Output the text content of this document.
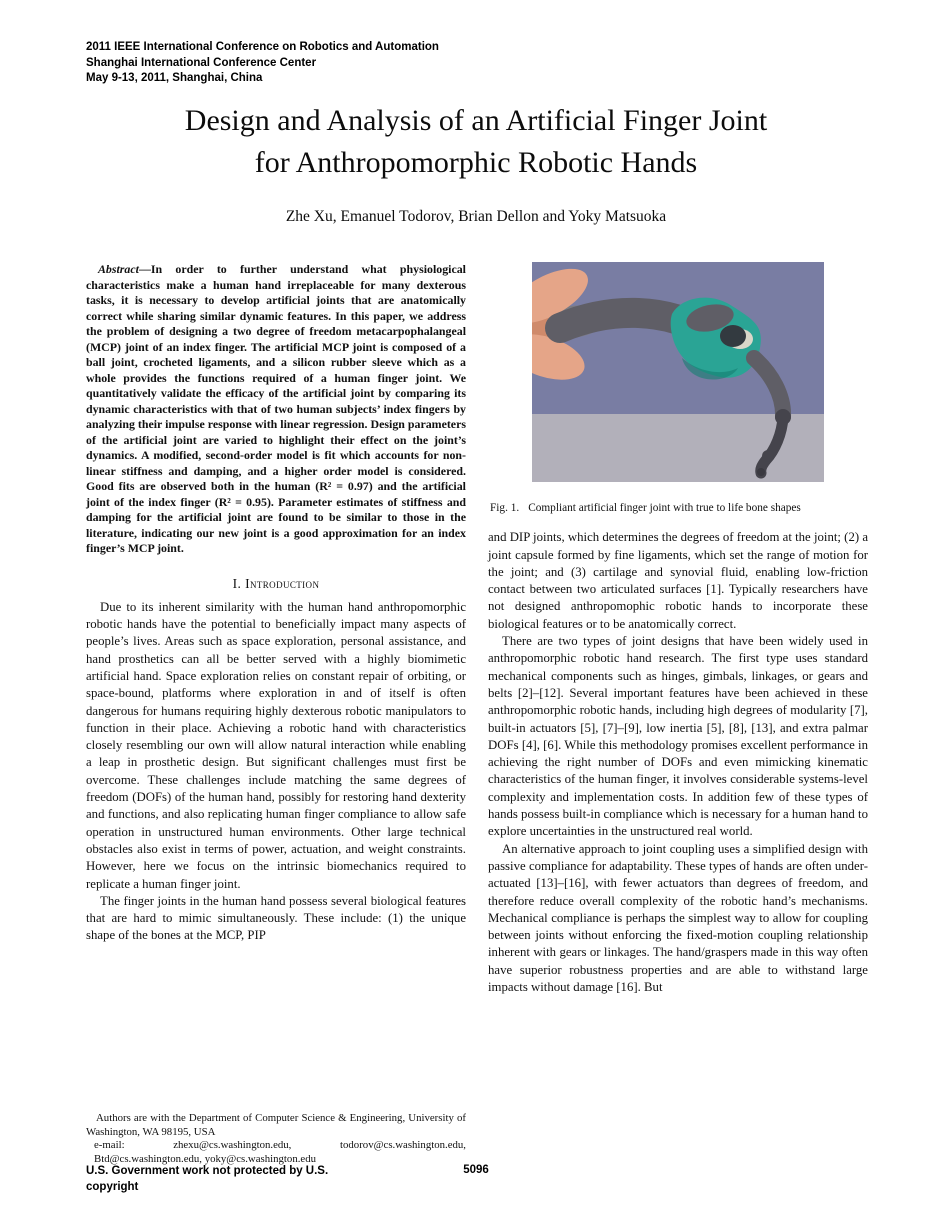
2011 IEEE International Conference on Robotics and Automation
Shanghai International Conference Center
May 9-13, 2011, Shanghai, China
Design and Analysis of an Artificial Finger Joint
for Anthropomorphic Robotic Hands
Zhe Xu, Emanuel Todorov, Brian Dellon and Yoky Matsuoka

Abstract—In order to further understand what physiological characteristics make a human hand irreplaceable for many dexterous tasks, it is necessary to develop artificial joints that are anatomically correct while sharing similar dynamic features. In this paper, we address the problem of designing a two degree of freedom metacarpophalangeal (MCP) joint of an index finger. The artificial MCP joint is composed of a ball joint, crocheted ligaments, and a silicon rubber sleeve which as a whole provides the functions required of a human finger joint. We quantitatively validate the efficacy of the artificial joint by comparing its dynamic characteristics with that of two human subjects’ index fingers by analyzing their impulse response with linear regression. Design parameters of the artificial joint are varied to highlight their effect on the joint’s dynamics. A modified, second-order model is fit which accounts for non-linear stiffness and damping, and a higher order model is considered. Good fits are observed both in the human (R² = 0.97) and the artificial joint of the index finger (R² = 0.95). Parameter estimates of stiffness and damping for the artificial joint are found to be similar to those in the literature, indicating our new joint is a good approximation for an index finger’s MCP joint.

I. Introduction

Due to its inherent similarity with the human hand anthropomorphic robotic hands have the potential to beneficially impact many aspects of people’s lives. Areas such as space exploration, personal assistance, and hand prosthetics can all be better served with a highly biomimetic artificial hand. Space exploration relies on constant repair of orbiting, or space-bound, platforms where exploration in and of itself is often dangerous for humans requiring highly dexterous robotic manipulators to function in their place. Achieving a robotic hand with characteristics closely resembling our own will allow natural interaction while enabling a leap in prosthetic design. But significant challenges must first be overcome. These challenges include matching the same degrees of freedom (DOFs) of the human hand, possibly for restoring hand dexterity and functions, and also replicating human finger compliance to allow safe operation in unstructured human environments. Other large technical obstacles also exist in terms of power, actuation, and weight constraints. However, here we focus on the intrinsic biomechanics required to replicate a human finger joint.

The finger joints in the human hand possess several biological features that are hard to mimic simultaneously. These include: (1) the unique shape of the bones at the MCP, PIP

Authors are with the Department of Computer Science & Engineering, University of Washington, WA 98195, USA

e-mail: zhexu@cs.washington.edu, todorov@cs.washington.edu, Btd@cs.washington.edu, yoky@cs.washington.edu

Fig. 1. Compliant artificial finger joint with true to life bone shapes

and DIP joints, which determines the degrees of freedom at the joint; (2) a joint capsule formed by fine ligaments, which set the range of motion for the joint; and (3) cartilage and synovial fluid, enabling low-friction contact between two articulated surfaces [1]. Typically researchers have not designed anthropomophic robotic hands to incorporate these biological features or to be anatomically correct.

There are two types of joint designs that have been widely used in anthropomorphic robotic hand research. The first type uses standard mechanical components such as hinges, gimbals, linkages, or gears and belts [2]–[12]. Several important features have been achieved in these anthropomorphic robotic hands, including high degrees of modularity [7], built-in actuators [5], [7]–[9], low inertia [5], [8], [13], and extra palmar DOFs [4], [6]. While this methodology promises excellent performance in achieving the right number of DOFs and even mimicking kinematic characteristics of the human finger, it involves considerable systems-level complexity and implementation costs. In addition few of these types of hands possess built-in compliance which is necessary for a human hand to explore uncertainties in the unstructured real world.

An alternative approach to joint coupling uses a simplified design with passive compliance for adaptability. These types of hands are often under-actuated [13]–[16], with fewer actuators than degrees of freedom, and therefore reduce overall complexity of the robotic hand’s mechanisms. Mechanical compliance is perhaps the simplest way to allow for coupling between joints without enforcing the fixed-motion coupling relationship inherent with gears or linkages. The hand/graspers made in this way often have superior robustness properties and are able to withstand large impacts without damage [16]. But

U.S. Government work not protected by U.S.
copyright
5096
